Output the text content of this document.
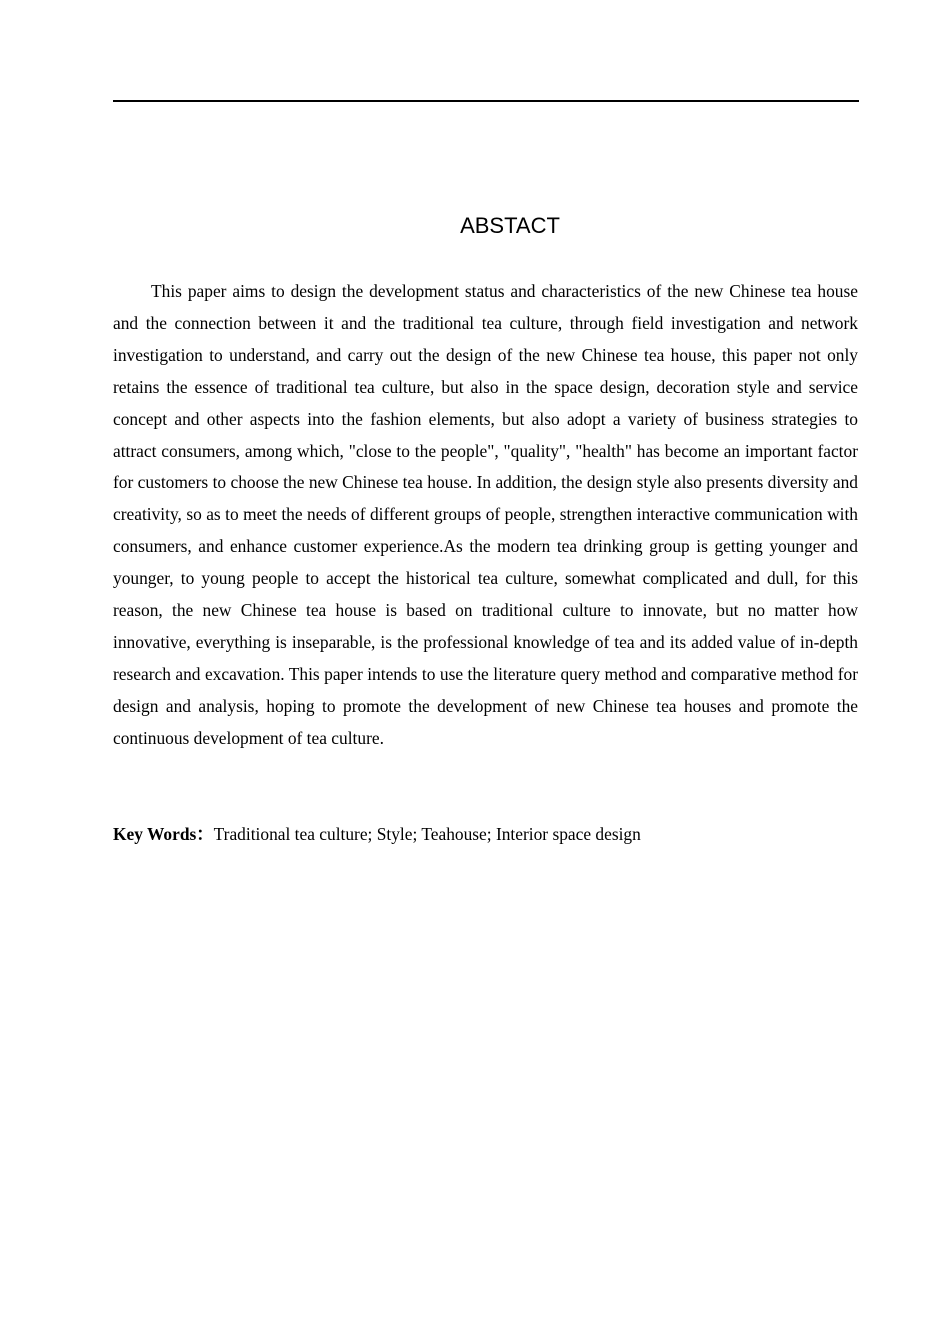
ABSTACT

This paper aims to design the development status and characteristics of the new Chinese tea house and the connection between it and the traditional tea culture, through field investigation and network investigation to understand, and carry out the design of the new Chinese tea house, this paper not only retains the essence of traditional tea culture, but also in the space design, decoration style and service concept and other aspects into the fashion elements, but also adopt a variety of business strategies to attract consumers, among which, "close to the people", "quality", "health" has become an important factor for customers to choose the new Chinese tea house. In addition, the design style also presents diversity and creativity, so as to meet the needs of different groups of people, strengthen interactive communication with consumers, and enhance customer experience.As the modern tea drinking group is getting younger and younger, to young people to accept the historical tea culture, somewhat complicated and dull, for this reason, the new Chinese tea house is based on traditional culture to innovate, but no matter how innovative, everything is inseparable, is the professional knowledge of tea and its added value of in-depth research and excavation. This paper intends to use the literature query method and comparative method for design and analysis, hoping to promote the development of new Chinese tea houses and promote the continuous development of tea culture.

Key Words：Traditional tea culture; Style; Teahouse; Interior space design
